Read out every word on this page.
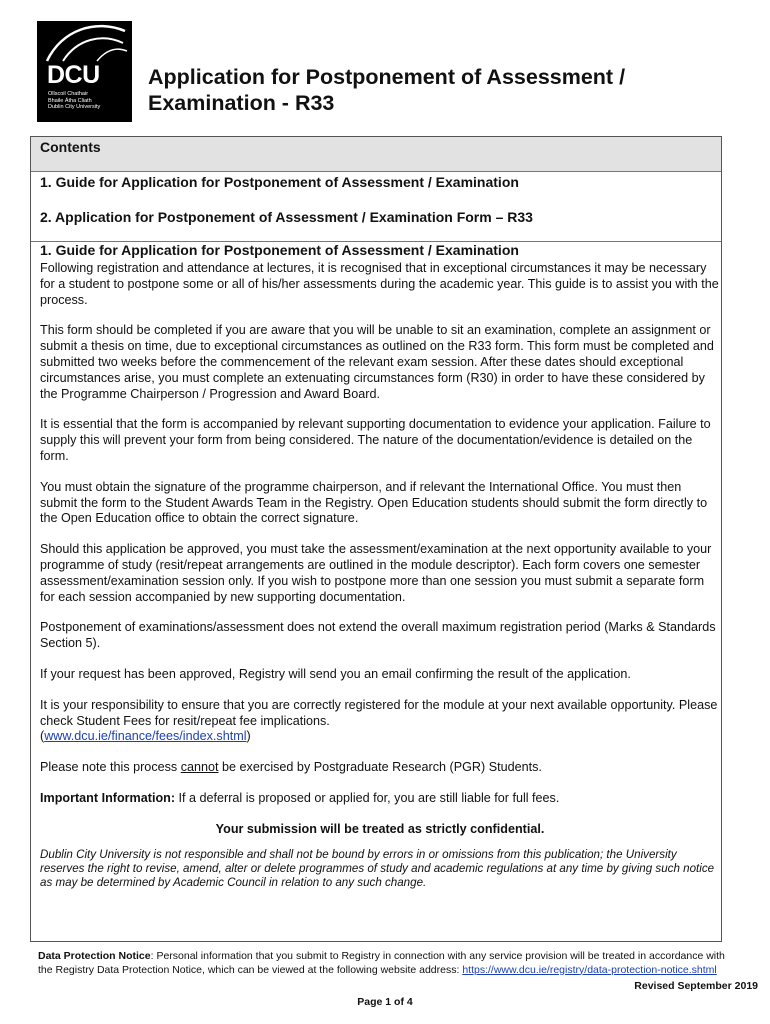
DCU
Ollscoil Chathair
Bhaile Átha Cliath
Dublin City University
Application for Postponement of Assessment /
Examination - R33
Contents
1. Guide for Application for Postponement of Assessment / Examination
2. Application for Postponement of Assessment / Examination Form – R33
1. Guide for Application for Postponement of Assessment / Examination

Following registration and attendance at lectures, it is recognised that in exceptional circumstances it may be necessary for a student to postpone some or all of his/her assessments during the academic year. This guide is to assist you with the process.

This form should be completed if you are aware that you will be unable to sit an examination, complete an assignment or submit a thesis on time, due to exceptional circumstances as outlined on the R33 form. This form must be completed and submitted two weeks before the commencement of the relevant exam session. After these dates should exceptional circumstances arise, you must complete an extenuating circumstances form (R30) in order to have these considered by the Programme Chairperson / Progression and Award Board.

It is essential that the form is accompanied by relevant supporting documentation to evidence your application. Failure to supply this will prevent your form from being considered. The nature of the documentation/evidence is detailed on the form.

You must obtain the signature of the programme chairperson, and if relevant the International Office. You must then submit the form to the Student Awards Team in the Registry. Open Education students should submit the form directly to the Open Education office to obtain the correct signature.

Should this application be approved, you must take the assessment/examination at the next opportunity available to your programme of study (resit/repeat arrangements are outlined in the module descriptor). Each form covers one semester assessment/examination session only. If you wish to postpone more than one session you must submit a separate form for each session accompanied by new supporting documentation.

Postponement of examinations/assessment does not extend the overall maximum registration period (Marks & Standards Section 5).

If your request has been approved, Registry will send you an email confirming the result of the application.

It is your responsibility to ensure that you are correctly registered for the module at your next available opportunity. Please check Student Fees for resit/repeat fee implications.
(www.dcu.ie/finance/fees/index.shtml)

Please note this process cannot be exercised by Postgraduate Research (PGR) Students.

Important Information: If a deferral is proposed or applied for, you are still liable for full fees.

Your submission will be treated as strictly confidential.

Dublin City University is not responsible and shall not be bound by errors in or omissions from this publication; the University reserves the right to revise, amend, alter or delete programmes of study and academic regulations at any time by giving such notice as may be determined by Academic Council in relation to any such change.

Data Protection Notice: Personal information that you submit to Registry in connection with any service provision will be treated in accordance with the Registry Data Protection Notice, which can be viewed at the following website address: https://www.dcu.ie/registry/data-protection-notice.shtml
Revised September 2019
Page 1 of 4
